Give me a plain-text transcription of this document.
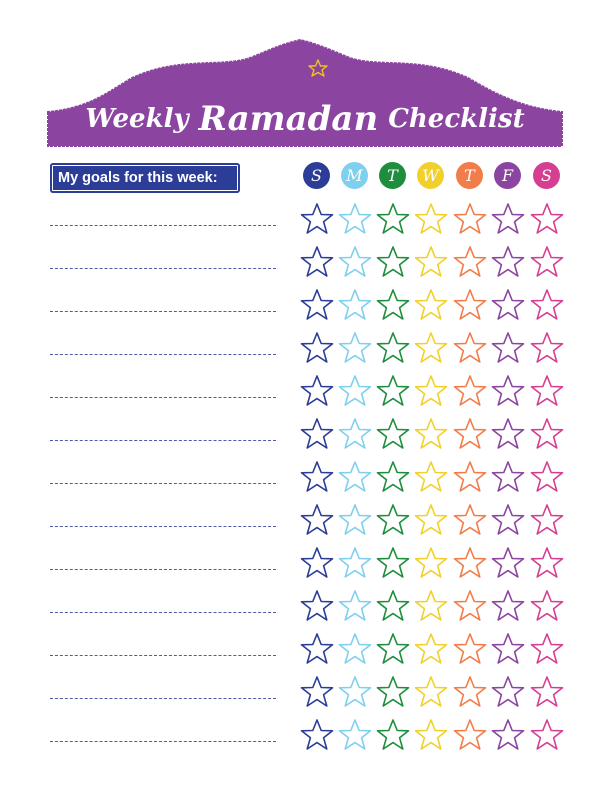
Weekly Ramadan Checklist
My goals for this week:	S	M	T	W	T	F	S
